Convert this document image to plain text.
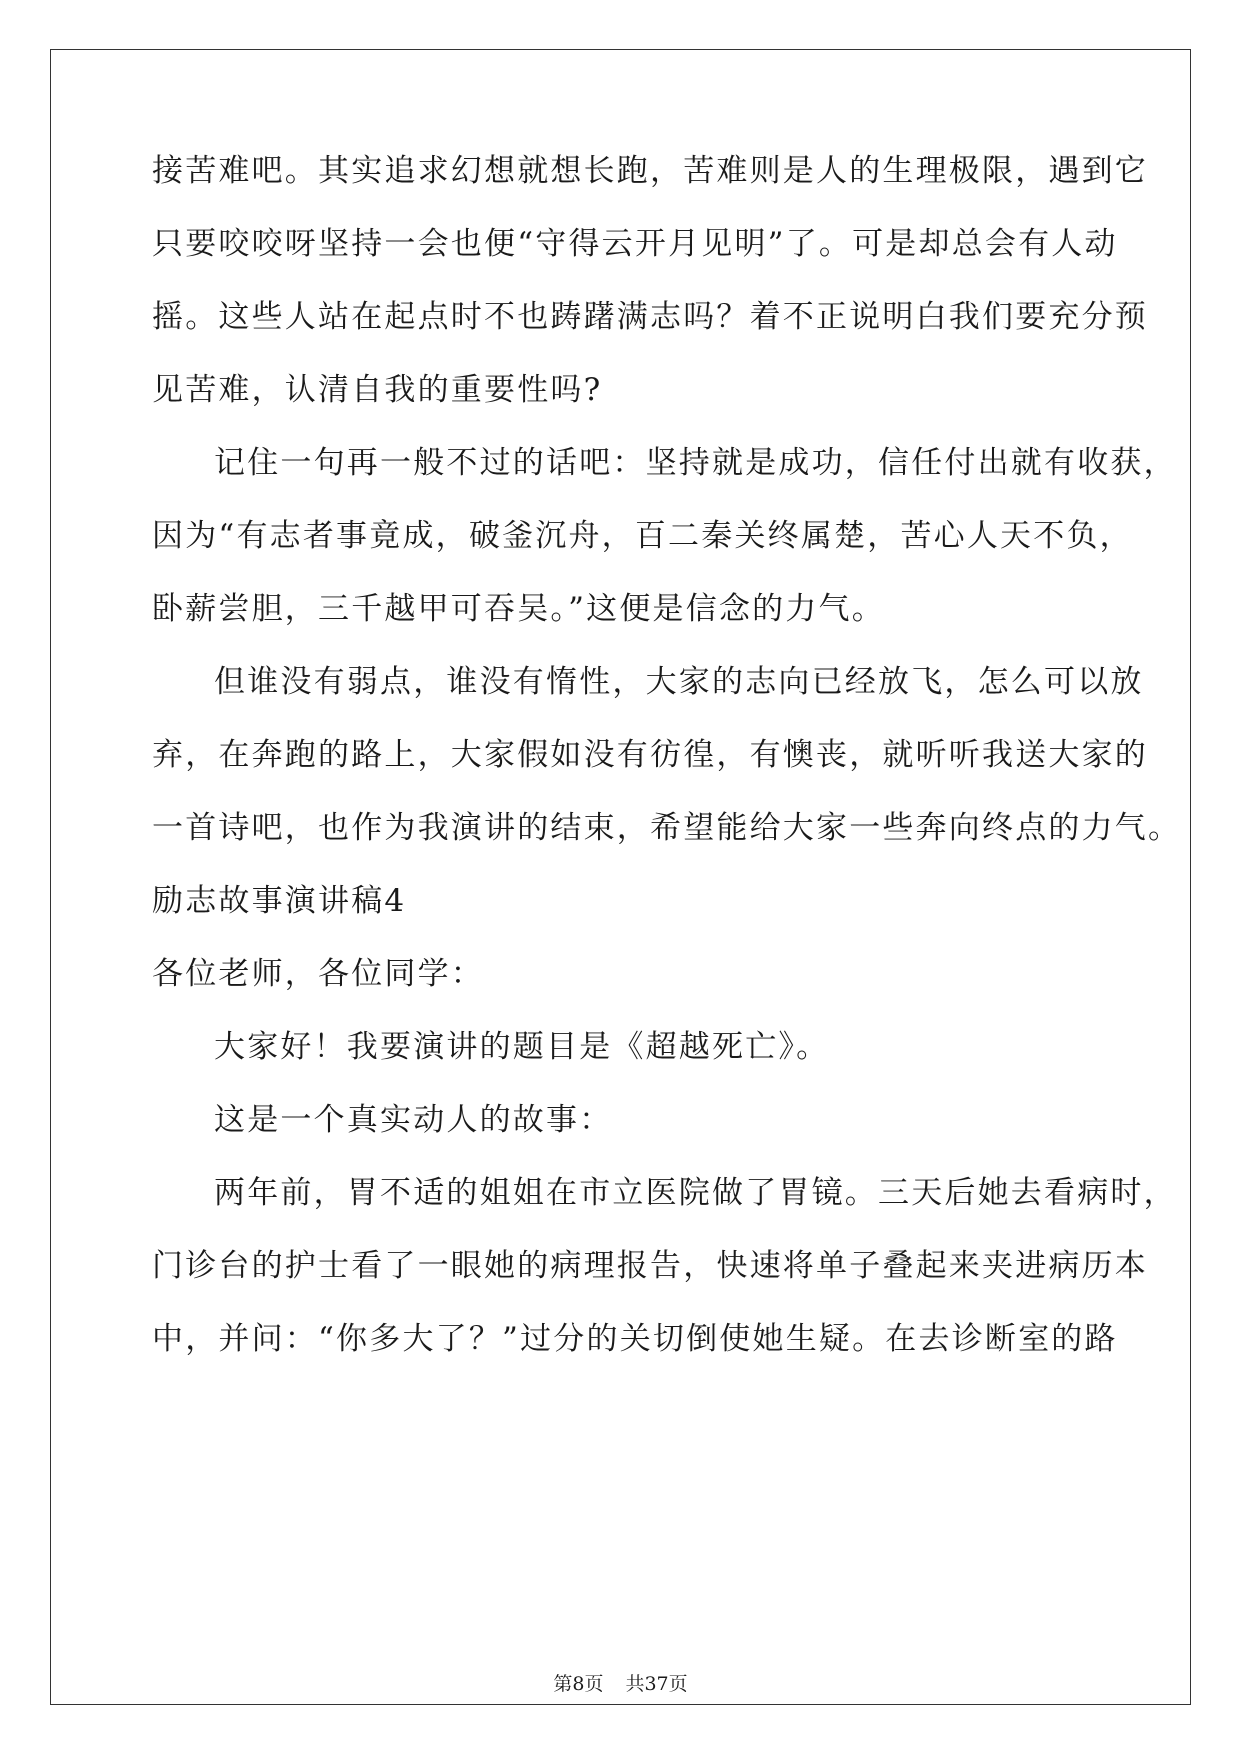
接苦难吧。其实追求幻想就想长跑，苦难则是人的生理极限，遇到它
只要咬咬呀坚持一会也便“守得云开月见明”了。可是却总会有人动
摇。这些人站在起点时不也踌躇满志吗？着不正说明白我们要充分预
见苦难，认清自我的重要性吗?
记住一句再一般不过的话吧：坚持就是成功，信任付出就有收获，
因为“有志者事竟成，破釜沉舟，百二秦关终属楚，苦心人天不负，
卧薪尝胆，三千越甲可吞吴。”这便是信念的力气。
但谁没有弱点，谁没有惰性，大家的志向已经放飞，怎么可以放
弃，在奔跑的路上，大家假如没有彷徨，有懊丧，就听听我送大家的
一首诗吧，也作为我演讲的结束，希望能给大家一些奔向终点的力气。
励志故事演讲稿4
各位老师，各位同学：
大家好！我要演讲的题目是《超越死亡》。
这是一个真实动人的故事：
两年前，胃不适的姐姐在市立医院做了胃镜。三天后她去看病时，
门诊台的护士看了一眼她的病理报告，快速将单子叠起来夹进病历本
中，并问：“你多大了？”过分的关切倒使她生疑。在去诊断室的路
第8页 共37页
